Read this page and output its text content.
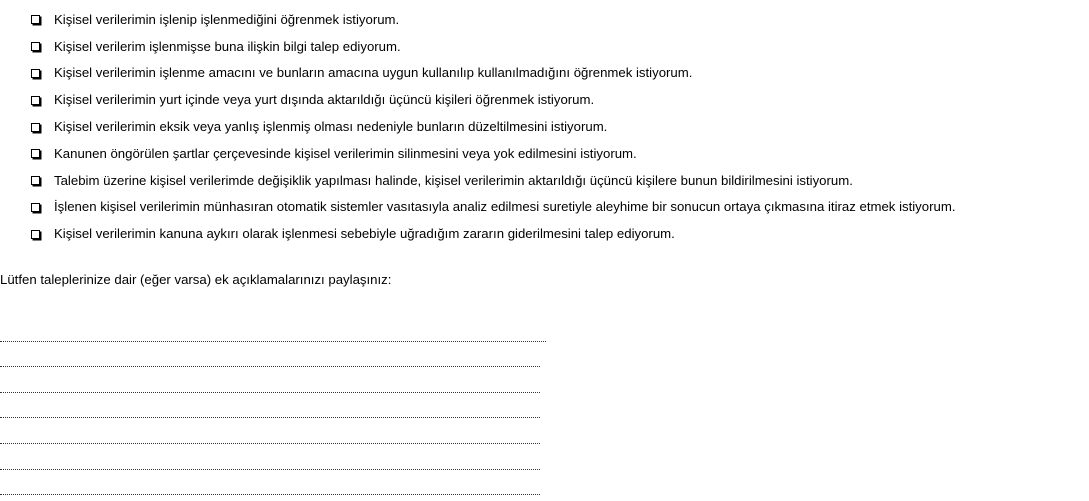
Kişisel verilerimin işlenip işlenmediğini öğrenmek istiyorum.
Kişisel verilerim işlenmişse buna ilişkin bilgi talep ediyorum.
Kişisel verilerimin işlenme amacını ve bunların amacına uygun kullanılıp kullanılmadığını öğrenmek istiyorum.
Kişisel verilerimin yurt içinde veya yurt dışında aktarıldığı üçüncü kişileri öğrenmek istiyorum.
Kişisel verilerimin eksik veya yanlış işlenmiş olması nedeniyle bunların düzeltilmesini istiyorum.
Kanunen öngörülen şartlar çerçevesinde kişisel verilerimin silinmesini veya yok edilmesini istiyorum.
Talebim üzerine kişisel verilerimde değişiklik yapılması halinde, kişisel verilerimin aktarıldığı üçüncü kişilere bunun bildirilmesini istiyorum.
İşlenen kişisel verilerimin münhasıran otomatik sistemler vasıtasıyla analiz edilmesi suretiyle aleyhime bir sonucun ortaya çıkmasına itiraz etmek istiyorum.
Kişisel verilerimin kanuna aykırı olarak işlenmesi sebebiyle uğradığım zararın giderilmesini talep ediyorum.
Lütfen taleplerinize dair (eğer varsa) ek açıklamalarınızı paylaşınız:
